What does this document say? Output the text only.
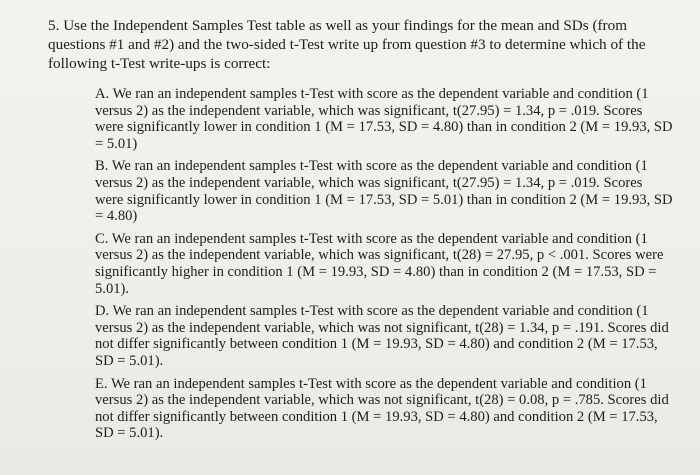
5. Use the Independent Samples Test table as well as your findings for the mean and SDs (from questions #1 and #2) and the two-sided t-Test write up from question #3 to determine which of the following t-Test write-ups is correct:

A. We ran an independent samples t-Test with score as the dependent variable and condition (1 versus 2) as the independent variable, which was significant, t(27.95) = 1.34, p = .019. Scores were significantly lower in condition 1 (M = 17.53, SD = 4.80) than in condition 2 (M = 19.93, SD = 5.01)
B. We ran an independent samples t-Test with score as the dependent variable and condition (1 versus 2) as the independent variable, which was significant, t(27.95) = 1.34, p = .019. Scores were significantly lower in condition 1 (M = 17.53, SD = 5.01) than in condition 2 (M = 19.93, SD = 4.80)
C. We ran an independent samples t-Test with score as the dependent variable and condition (1 versus 2) as the independent variable, which was significant, t(28) = 27.95, p < .001. Scores were significantly higher in condition 1 (M = 19.93, SD = 4.80) than in condition 2 (M = 17.53, SD = 5.01).
D. We ran an independent samples t-Test with score as the dependent variable and condition (1 versus 2) as the independent variable, which was not significant, t(28) = 1.34, p = .191. Scores did not differ significantly between condition 1 (M = 19.93, SD = 4.80) and condition 2 (M = 17.53, SD = 5.01).
E. We ran an independent samples t-Test with score as the dependent variable and condition (1 versus 2) as the independent variable, which was not significant, t(28) = 0.08, p = .785. Scores did not differ significantly between condition 1 (M = 19.93, SD = 4.80) and condition 2 (M = 17.53, SD = 5.01).
